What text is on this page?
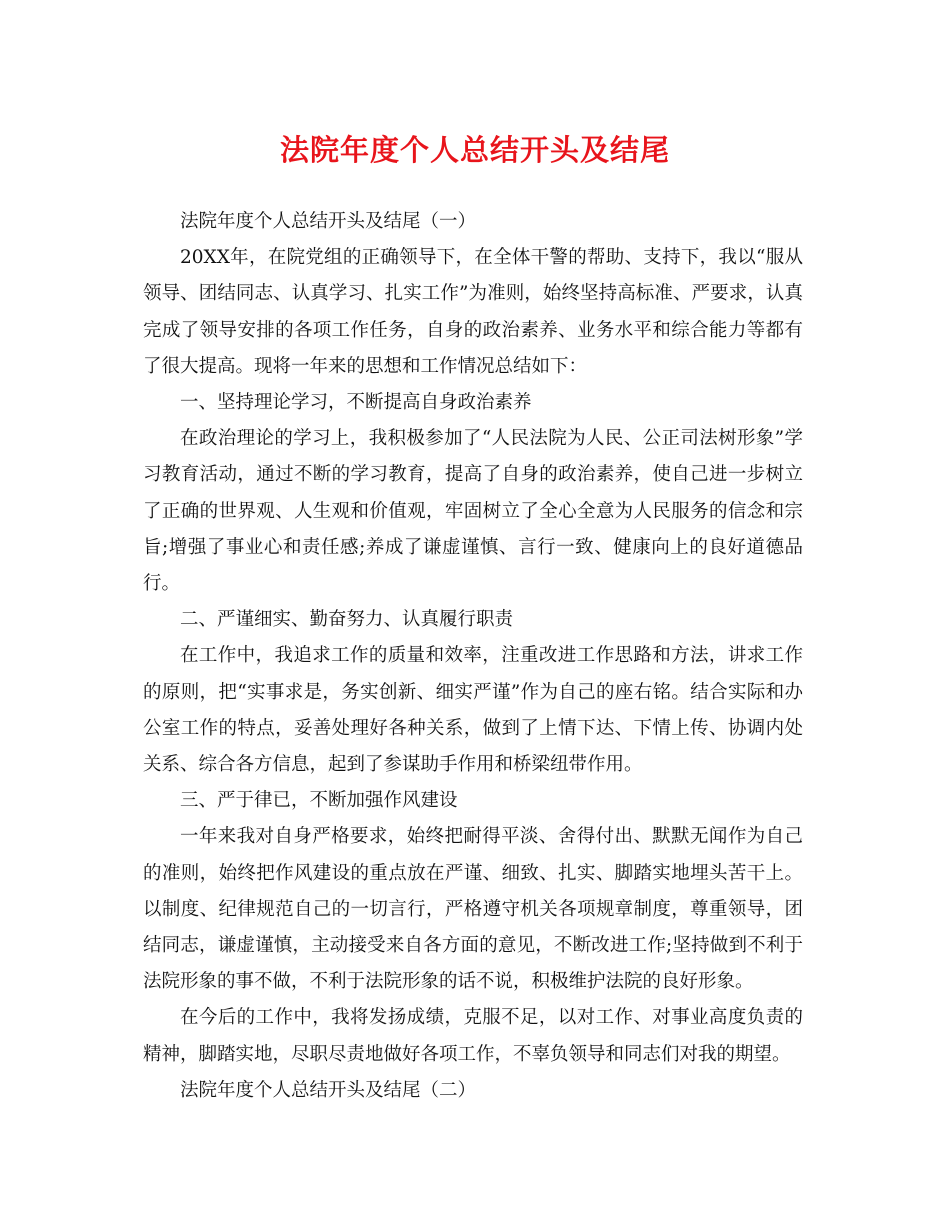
法院年度个人总结开头及结尾

法院年度个人总结开头及结尾（一）

20XX年，在院党组的正确领导下，在全体干警的帮助、支持下，我以“服从领导、团结同志、认真学习、扎实工作”为准则，始终坚持高标准、严要求，认真完成了领导安排的各项工作任务，自身的政治素养、业务水平和综合能力等都有了很大提高。现将一年来的思想和工作情况总结如下：

一、坚持理论学习，不断提高自身政治素养

在政治理论的学习上，我积极参加了“人民法院为人民、公正司法树形象”学习教育活动，通过不断的学习教育，提高了自身的政治素养，使自己进一步树立了正确的世界观、人生观和价值观，牢固树立了全心全意为人民服务的信念和宗旨;增强了事业心和责任感;养成了谦虚谨慎、言行一致、健康向上的良好道德品行。

二、严谨细实、勤奋努力、认真履行职责

在工作中，我追求工作的质量和效率，注重改进工作思路和方法，讲求工作的原则，把“实事求是，务实创新、细实严谨”作为自己的座右铭。结合实际和办公室工作的特点，妥善处理好各种关系，做到了上情下达、下情上传、协调内处关系、综合各方信息，起到了参谋助手作用和桥梁纽带作用。

三、严于律已，不断加强作风建设

一年来我对自身严格要求，始终把耐得平淡、舍得付出、默默无闻作为自己的准则，始终把作风建设的重点放在严谨、细致、扎实、脚踏实地埋头苦干上。以制度、纪律规范自己的一切言行，严格遵守机关各项规章制度，尊重领导，团结同志，谦虚谨慎，主动接受来自各方面的意见，不断改进工作;坚持做到不利于法院形象的事不做，不利于法院形象的话不说，积极维护法院的良好形象。

在今后的工作中，我将发扬成绩，克服不足，以对工作、对事业高度负责的精神，脚踏实地，尽职尽责地做好各项工作，不辜负领导和同志们对我的期望。

法院年度个人总结开头及结尾（二）
